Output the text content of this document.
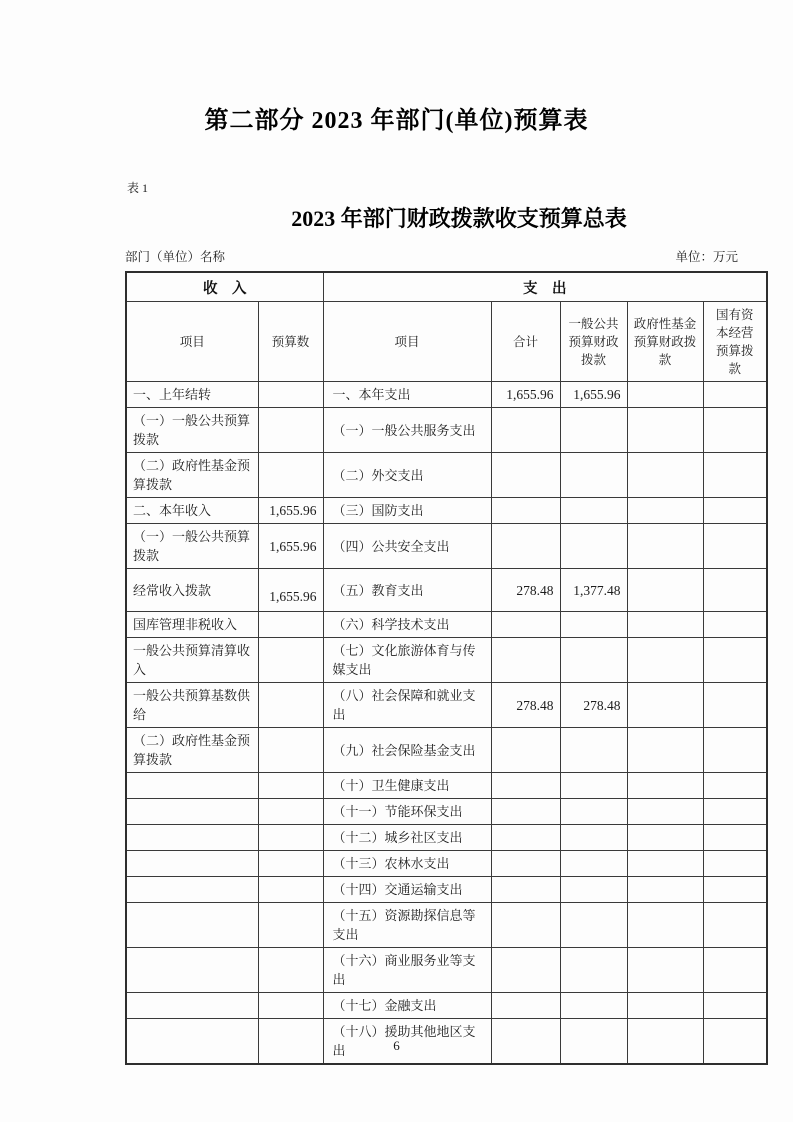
第二部分 2023 年部门(单位)预算表
表 1
2023 年部门财政拨款收支预算总表
部门（单位）名称	单位：万元
收　入		支　出				
项目	预算数	项目	合计	一般公共预算财政拨款	政府性基金预算财政拨款	国有资本经营预算拨款
一、上年结转		一、本年支出	1,655.96	1,655.96		
（一）一般公共预算拨款		（一）一般公共服务支出				
（二）政府性基金预算拨款		（二）外交支出				
二、本年收入	1,655.96	（三）国防支出				
（一）一般公共预算拨款	1,655.96	（四）公共安全支出				
经常收入拨款	1,655.96	（五）教育支出	278.48	1,377.48		
国库管理非税收入		（六）科学技术支出				
一般公共预算清算收入		（七）文化旅游体育与传媒支出				
一般公共预算基数供给		（八）社会保障和就业支出	278.48	278.48		
（二）政府性基金预算拨款		（九）社会保险基金支出				
		（十）卫生健康支出				
		（十一）节能环保支出				
		（十二）城乡社区支出				
		（十三）农林水支出				
		（十四）交通运输支出				
		（十五）资源勘探信息等支出				
		（十六）商业服务业等支出				
		（十七）金融支出				
		（十八）援助其他地区支出					6
